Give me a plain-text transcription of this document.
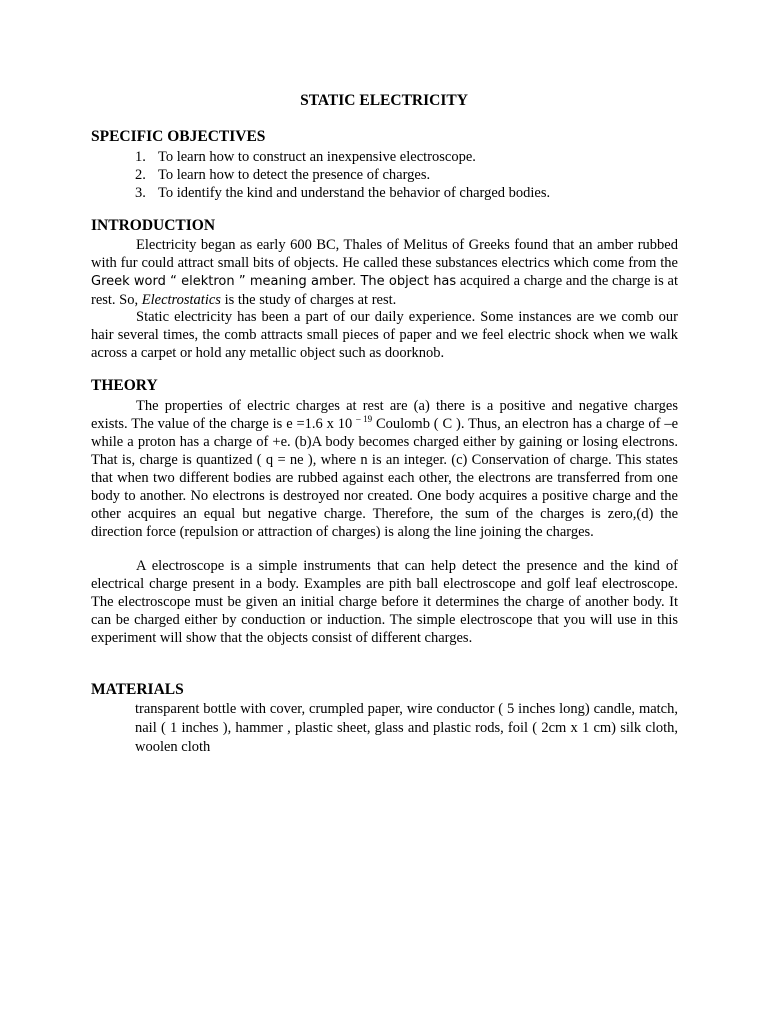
STATIC ELECTRICITY
SPECIFIC OBJECTIVES
1. To learn how to construct an inexpensive electroscope.
2. To learn how to detect the presence of charges.
3. To identify the kind and understand the behavior of charged bodies.
INTRODUCTION

Electricity began as early 600 BC, Thales of Melitus of Greeks found that an amber rubbed with fur could attract small bits of objects. He called these substances electrics which come from the Greek word “ elektron ” meaning amber. The object has acquired a charge and the charge is at rest. So, Electrostatics is the study of charges at rest.

Static electricity has been a part of our daily experience. Some instances are we comb our hair several times, the comb attracts small pieces of paper and we feel electric shock when we walk across a carpet or hold any metallic object such as doorknob.

THEORY

The properties of electric charges at rest are (a) there is a positive and negative charges exists. The value of the charge is e =1.6 x 10 $^{- 19}$ Coulomb ( C ). Thus, an electron has a charge of –e while a proton has a charge of +e. (b)A body becomes charged either by gaining or losing electrons. That is, charge is quantized ( q = ne ), where n is an integer. (c) Conservation of charge. This states that when two different bodies are rubbed against each other, the electrons are transferred from one body to another. No electrons is destroyed nor created. One body acquires a positive charge and the other acquires an equal but negative charge. Therefore, the sum of the charges is zero,(d) the direction force (repulsion or attraction of charges) is along the line joining the charges.

A electroscope is a simple instruments that can help detect the presence and the kind of electrical charge present in a body. Examples are pith ball electroscope and golf leaf electroscope. The electroscope must be given an initial charge before it determines the charge of another body. It can be charged either by conduction or induction. The simple electroscope that you will use in this experiment will show that the objects consist of different charges.

MATERIALS

transparent bottle with cover, crumpled paper, wire conductor ( 5 inches long) candle, match, nail ( 1 inches ), hammer , plastic sheet, glass and plastic rods, foil ( 2cm x 1 cm) silk cloth, woolen cloth
